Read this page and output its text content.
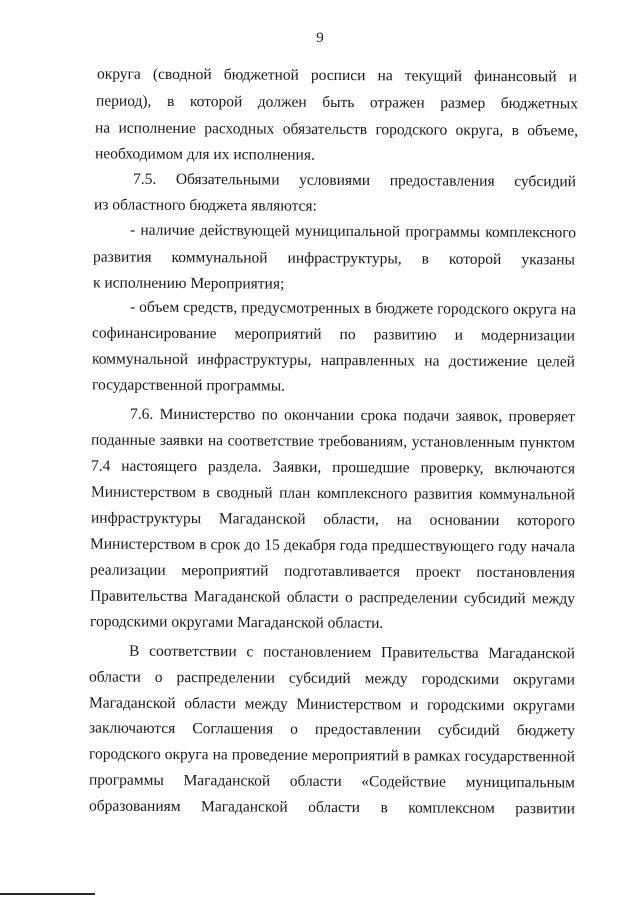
9
округа (сводной бюджетной росписи на текущий финансовый и
период), в которой должен быть отражен размер бюджетных
на исполнение расходных обязательств городского округа, в объеме,
необходимом для их исполнения.
7.5. Обязательными условиями предоставления субсидий
из областного бюджета являются:
- наличие действующей муниципальной программы комплексного
развития коммунальной инфраструктуры, в которой указаны
к исполнению Мероприятия;
- объем средств, предусмотренных в бюджете городского округа на
софинансирование мероприятий по развитию и модернизации
коммунальной инфраструктуры, направленных на достижение целей
государственной программы.
7.6. Министерство по окончании срока подачи заявок, проверяет
поданные заявки на соответствие требованиям, установленным пунктом
7.4 настоящего раздела. Заявки, прошедшие проверку, включаются
Министерством в сводный план комплексного развития коммунальной
инфраструктуры Магаданской области, на основании которого
Министерством в срок до 15 декабря года предшествующего году начала
реализации мероприятий подготавливается проект постановления
Правительства Магаданской области о распределении субсидий между
городскими округами Магаданской области.
В соответствии с постановлением Правительства Магаданской
области о распределении субсидий между городскими округами
Магаданской области между Министерством и городскими округами
заключаются Соглашения о предоставлении субсидий бюджету
городского округа на проведение мероприятий в рамках государственной
программы Магаданской области «Содействие муниципальным
образованиям Магаданской области в комплексном развитии
